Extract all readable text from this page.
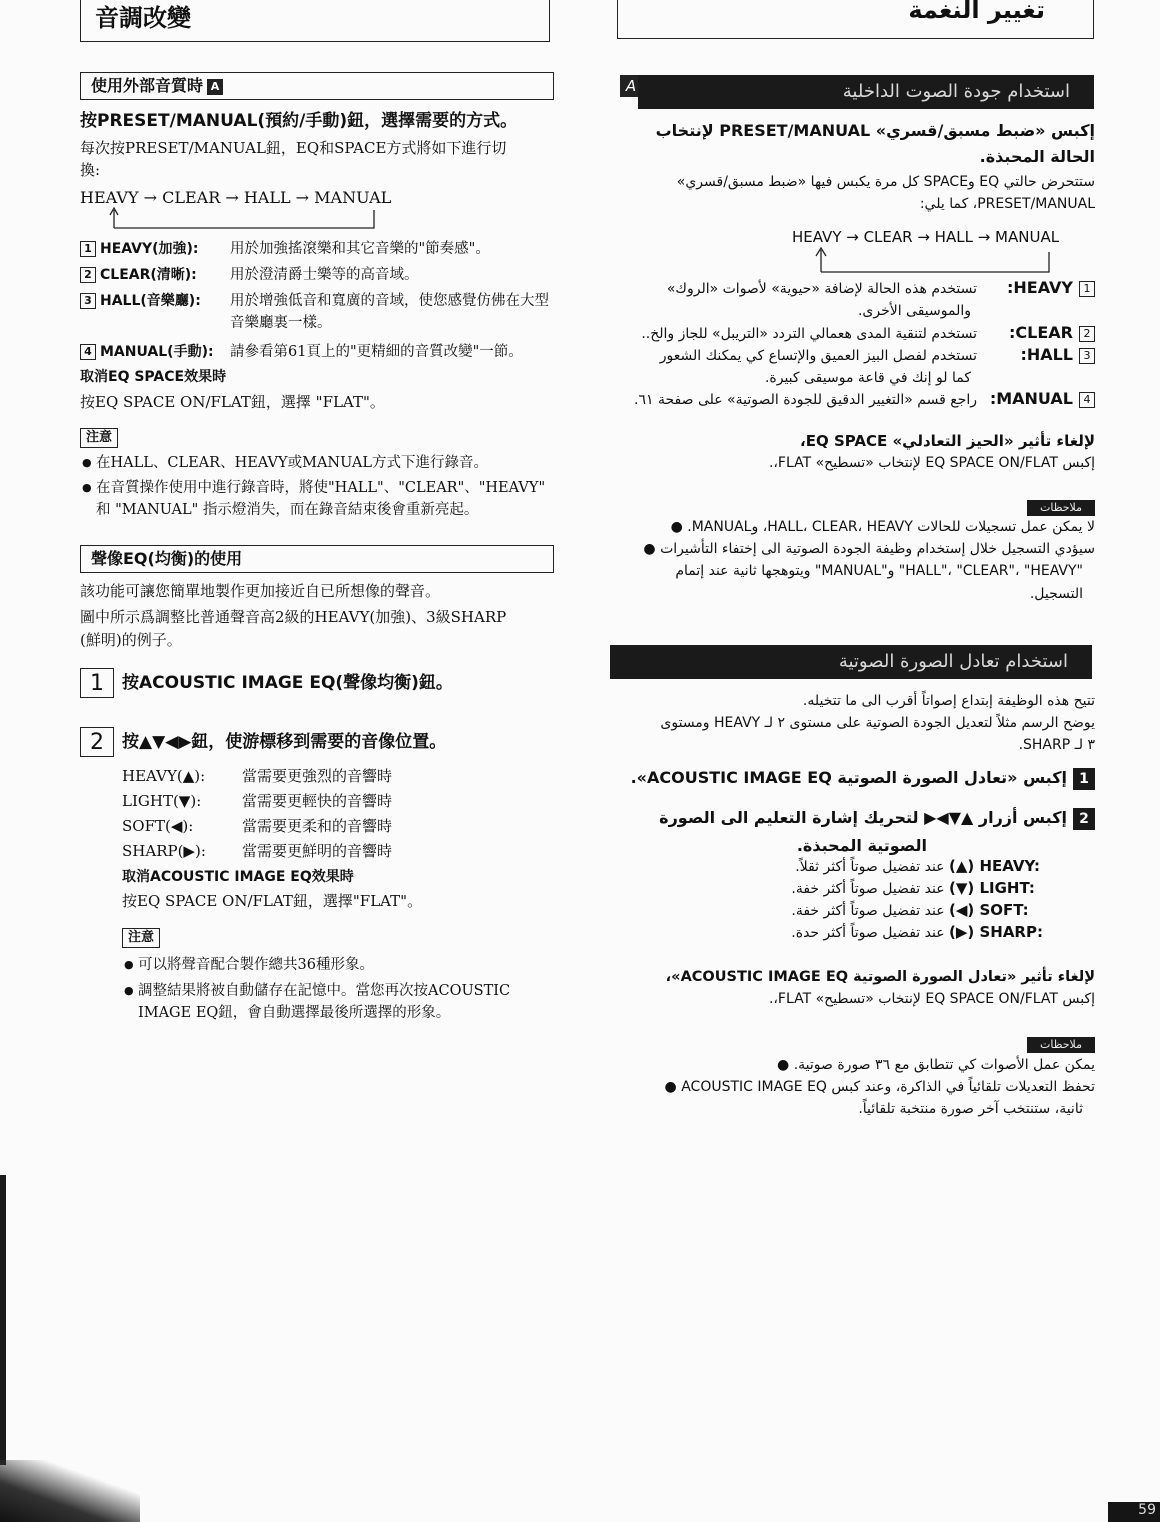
音調改變
使用外部音質時 A
按PRESET/MANUAL(預約/手動)鈕，選擇需要的方式。
每次按PRESET/MANUAL鈕，EQ和SPACE方式將如下進行切
換:
HEAVY → CLEAR → HALL → MANUAL
1 HEAVY(加強): 用於加強搖滾樂和其它音樂的"節奏感"。
2 CLEAR(清晰): 用於澄清爵士樂等的高音域。
3 HALL(音樂廳): 用於增強低音和寬廣的音域，使您感覺仿佛在大型音樂廳裏一樣。
4 MANUAL(手動): 請參看第61頁上的"更精細的音質改變"一節。
取消EQ SPACE效果時
按EQ SPACE ON/FLAT鈕，選擇 "FLAT"。
注意
● 在HALL、CLEAR、HEAVY或MANUAL方式下進行錄音。
● 在音質操作使用中進行錄音時，將使"HALL"、"CLEAR"、"HEAVY" 和 "MANUAL" 指示燈消失，而在錄音結束後會重新亮起。
聲像EQ(均衡)的使用
該功能可讓您簡單地製作更加接近自已所想像的聲音。
圖中所示爲調整比普通聲音高2級的HEAVY(加強)、3級SHARP
(鮮明)的例子。
1 按ACOUSTIC IMAGE EQ(聲像均衡)鈕。
2 按▲▼◀▶鈕，使游標移到需要的音像位置。
HEAVY(▲): 當需要更強烈的音響時
LIGHT(▼):	當需要更輕快的音響時
SOFT(◀):	當需要更柔和的音響時
SHARP(▶): 當需要更鮮明的音響時
取消ACOUSTIC IMAGE EQ效果時
按EQ SPACE ON/FLAT鈕，選擇"FLAT"。
注意
● 可以將聲音配合製作總共36種形象。
● 調整結果將被自動儲存在記憶中。當您再次按ACOUSTIC IMAGE EQ鈕，會自動選擇最後所選擇的形象。
تغيير النغمة
A	استخدام جودة الصوت الداخلية
إكبس «ضبط مسبق/قسري» PRESET/MANUAL لإنتخاب
الحالة المحبذة.
ستتحرض حالتي EQ وSPACE كل مرة يكبس فيها «ضبط مسبق/قسري»
PRESET/MANUAL، كما يلي:
HEAVY → CLEAR → HALL → MANUAL
1:HEAVYتستخدم هذه الحالة لإضافة «حيوية» لأصوات «الروك»
والموسيقى الأخرى.
2:CLEARتستخدم لتنقية المدى هعمالي التردد «التريبل» للجاز والخ..
3:HALLتستخدم لفصل البيز العميق والإتساع كي يمكنك الشعور
كما لو إنك في قاعة موسيقى كبيرة.
4:MANUALراجع قسم «التغيير الدقيق للجودة الصوتية» على صفحة ٦١.
لإلغاء تأثير «الحيز التعادلي» EQ SPACE،
إكبس EQ SPACE ON/FLAT لإنتخاب «تسطيح» FLAT،.
ملاحظات
لا يمكن عمل تسجيلات للحالات HALL، CLEAR، HEAVY، وMANUAL. ●
سيؤدي التسجيل خلال إستخدام وظيفة الجودة الصوتية الى إختفاء التأشيرات ●
"HALL"، "CLEAR"، "HEAVY" و"MANUAL" ويتوهجها ثانية عند إتمام
التسجيل.
استخدام تعادل الصورة الصوتية
تتيح هذه الوظيفة إبتداع إصواتاً أقرب الى ما تتخيله.
يوضح الرسم مثلاً لتعديل الجودة الصوتية على مستوى ٢ لـ HEAVY ومستوى
٣ لـ SHARP.
1إكبس «تعادل الصورة الصوتية ACOUSTIC IMAGE EQ».
2إكبس أزرار ▲▼◀▶ لتحريك إشارة التعليم الى الصورة
الصوتية المحبذة.
(▲) HEAVY: عند تفضيل صوتاً أكثر ثقلاً.
(▼) LIGHT: عند تفضيل صوتاً أكثر خفة.
(◀) SOFT: عند تفضيل صوتاً أكثر خفة.
(▶) SHARP: عند تفضيل صوتاً أكثر حدة.
لإلغاء تأثير «تعادل الصورة الصوتية ACOUSTIC IMAGE EQ»،
إكبس EQ SPACE ON/FLAT لإنتخاب «تسطيح» FLAT،.
ملاحظات
يمكن عمل الأصوات كي تتطابق مع ٣٦ صورة صوتية. ●
تحفظ التعديلات تلقائياً في الذاكرة، وعند كبس ACOUSTIC IMAGE EQ ●
ثانية، ستنتخب آخر صورة منتخبة تلقائياً.
59
